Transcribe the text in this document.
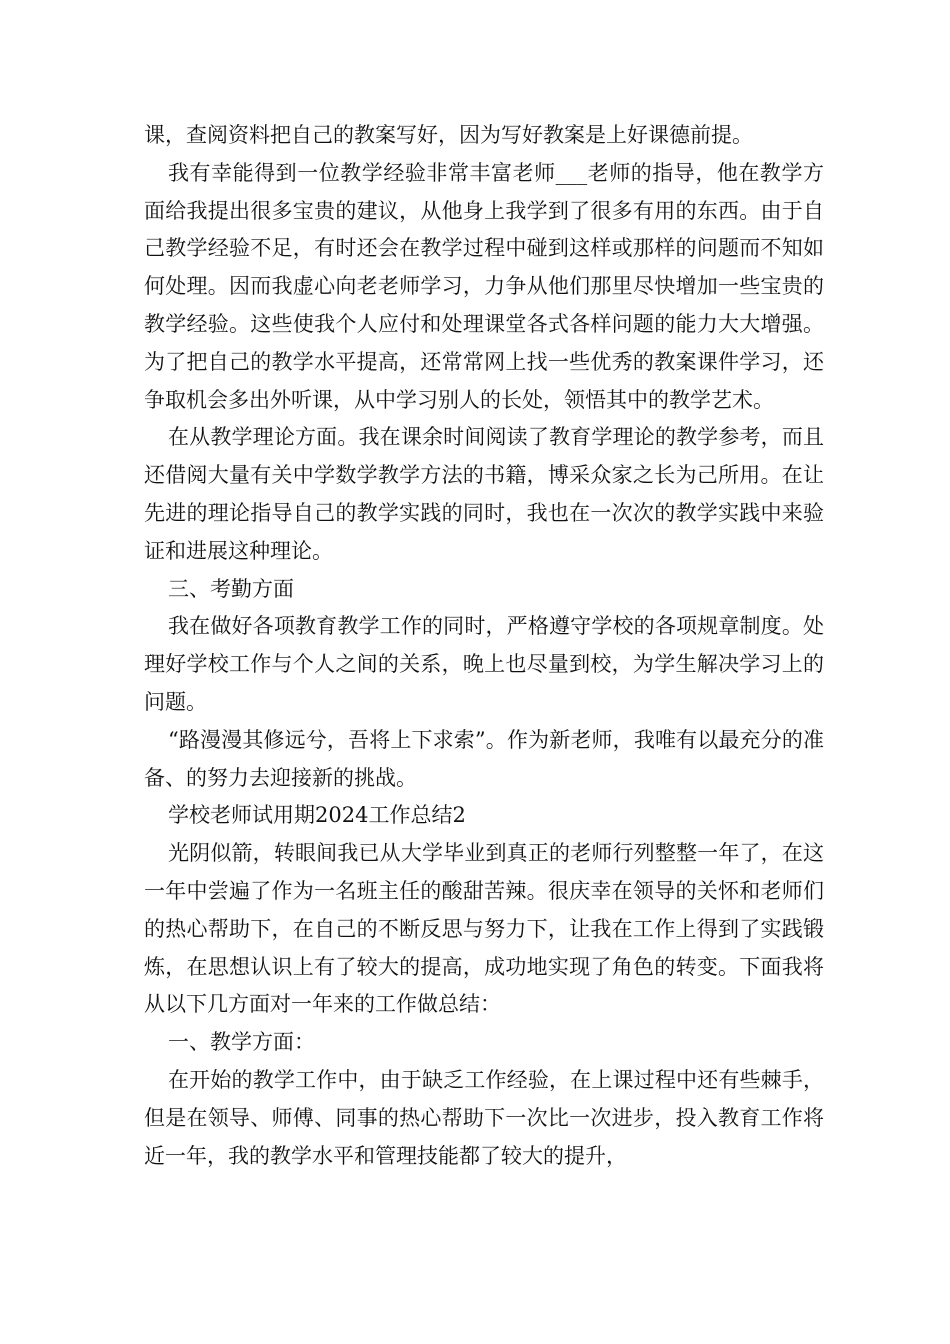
课，查阅资料把自己的教案写好，因为写好教案是上好课德前提。

我有幸能得到一位教学经验非常丰富老师___老师的指导，他在教学方面给我提出很多宝贵的建议，从他身上我学到了很多有用的东西。由于自己教学经验不足，有时还会在教学过程中碰到这样或那样的问题而不知如何处理。因而我虚心向老老师学习，力争从他们那里尽快增加一些宝贵的教学经验。这些使我个人应付和处理课堂各式各样问题的能力大大增强。为了把自己的教学水平提高，还常常网上找一些优秀的教案课件学习，还争取机会多出外听课，从中学习别人的长处，领悟其中的教学艺术。

在从教学理论方面。我在课余时间阅读了教育学理论的教学参考，而且还借阅大量有关中学数学教学方法的书籍，博采众家之长为己所用。在让先进的理论指导自己的教学实践的同时，我也在一次次的教学实践中来验证和进展这种理论。

三、考勤方面

我在做好各项教育教学工作的同时，严格遵守学校的各项规章制度。处理好学校工作与个人之间的关系，晚上也尽量到校，为学生解决学习上的问题。

“路漫漫其修远兮，吾将上下求索”。作为新老师，我唯有以最充分的准备、的努力去迎接新的挑战。

学校老师试用期2024工作总结2

光阴似箭，转眼间我已从大学毕业到真正的老师行列整整一年了，在这一年中尝遍了作为一名班主任的酸甜苦辣。很庆幸在领导的关怀和老师们的热心帮助下，在自己的不断反思与努力下，让我在工作上得到了实践锻炼，在思想认识上有了较大的提高，成功地实现了角色的转变。下面我将从以下几方面对一年来的工作做总结：

一、教学方面：

在开始的教学工作中，由于缺乏工作经验，在上课过程中还有些棘手，但是在领导、师傅、同事的热心帮助下一次比一次进步，投入教育工作将近一年，我的教学水平和管理技能都了较大的提升，
